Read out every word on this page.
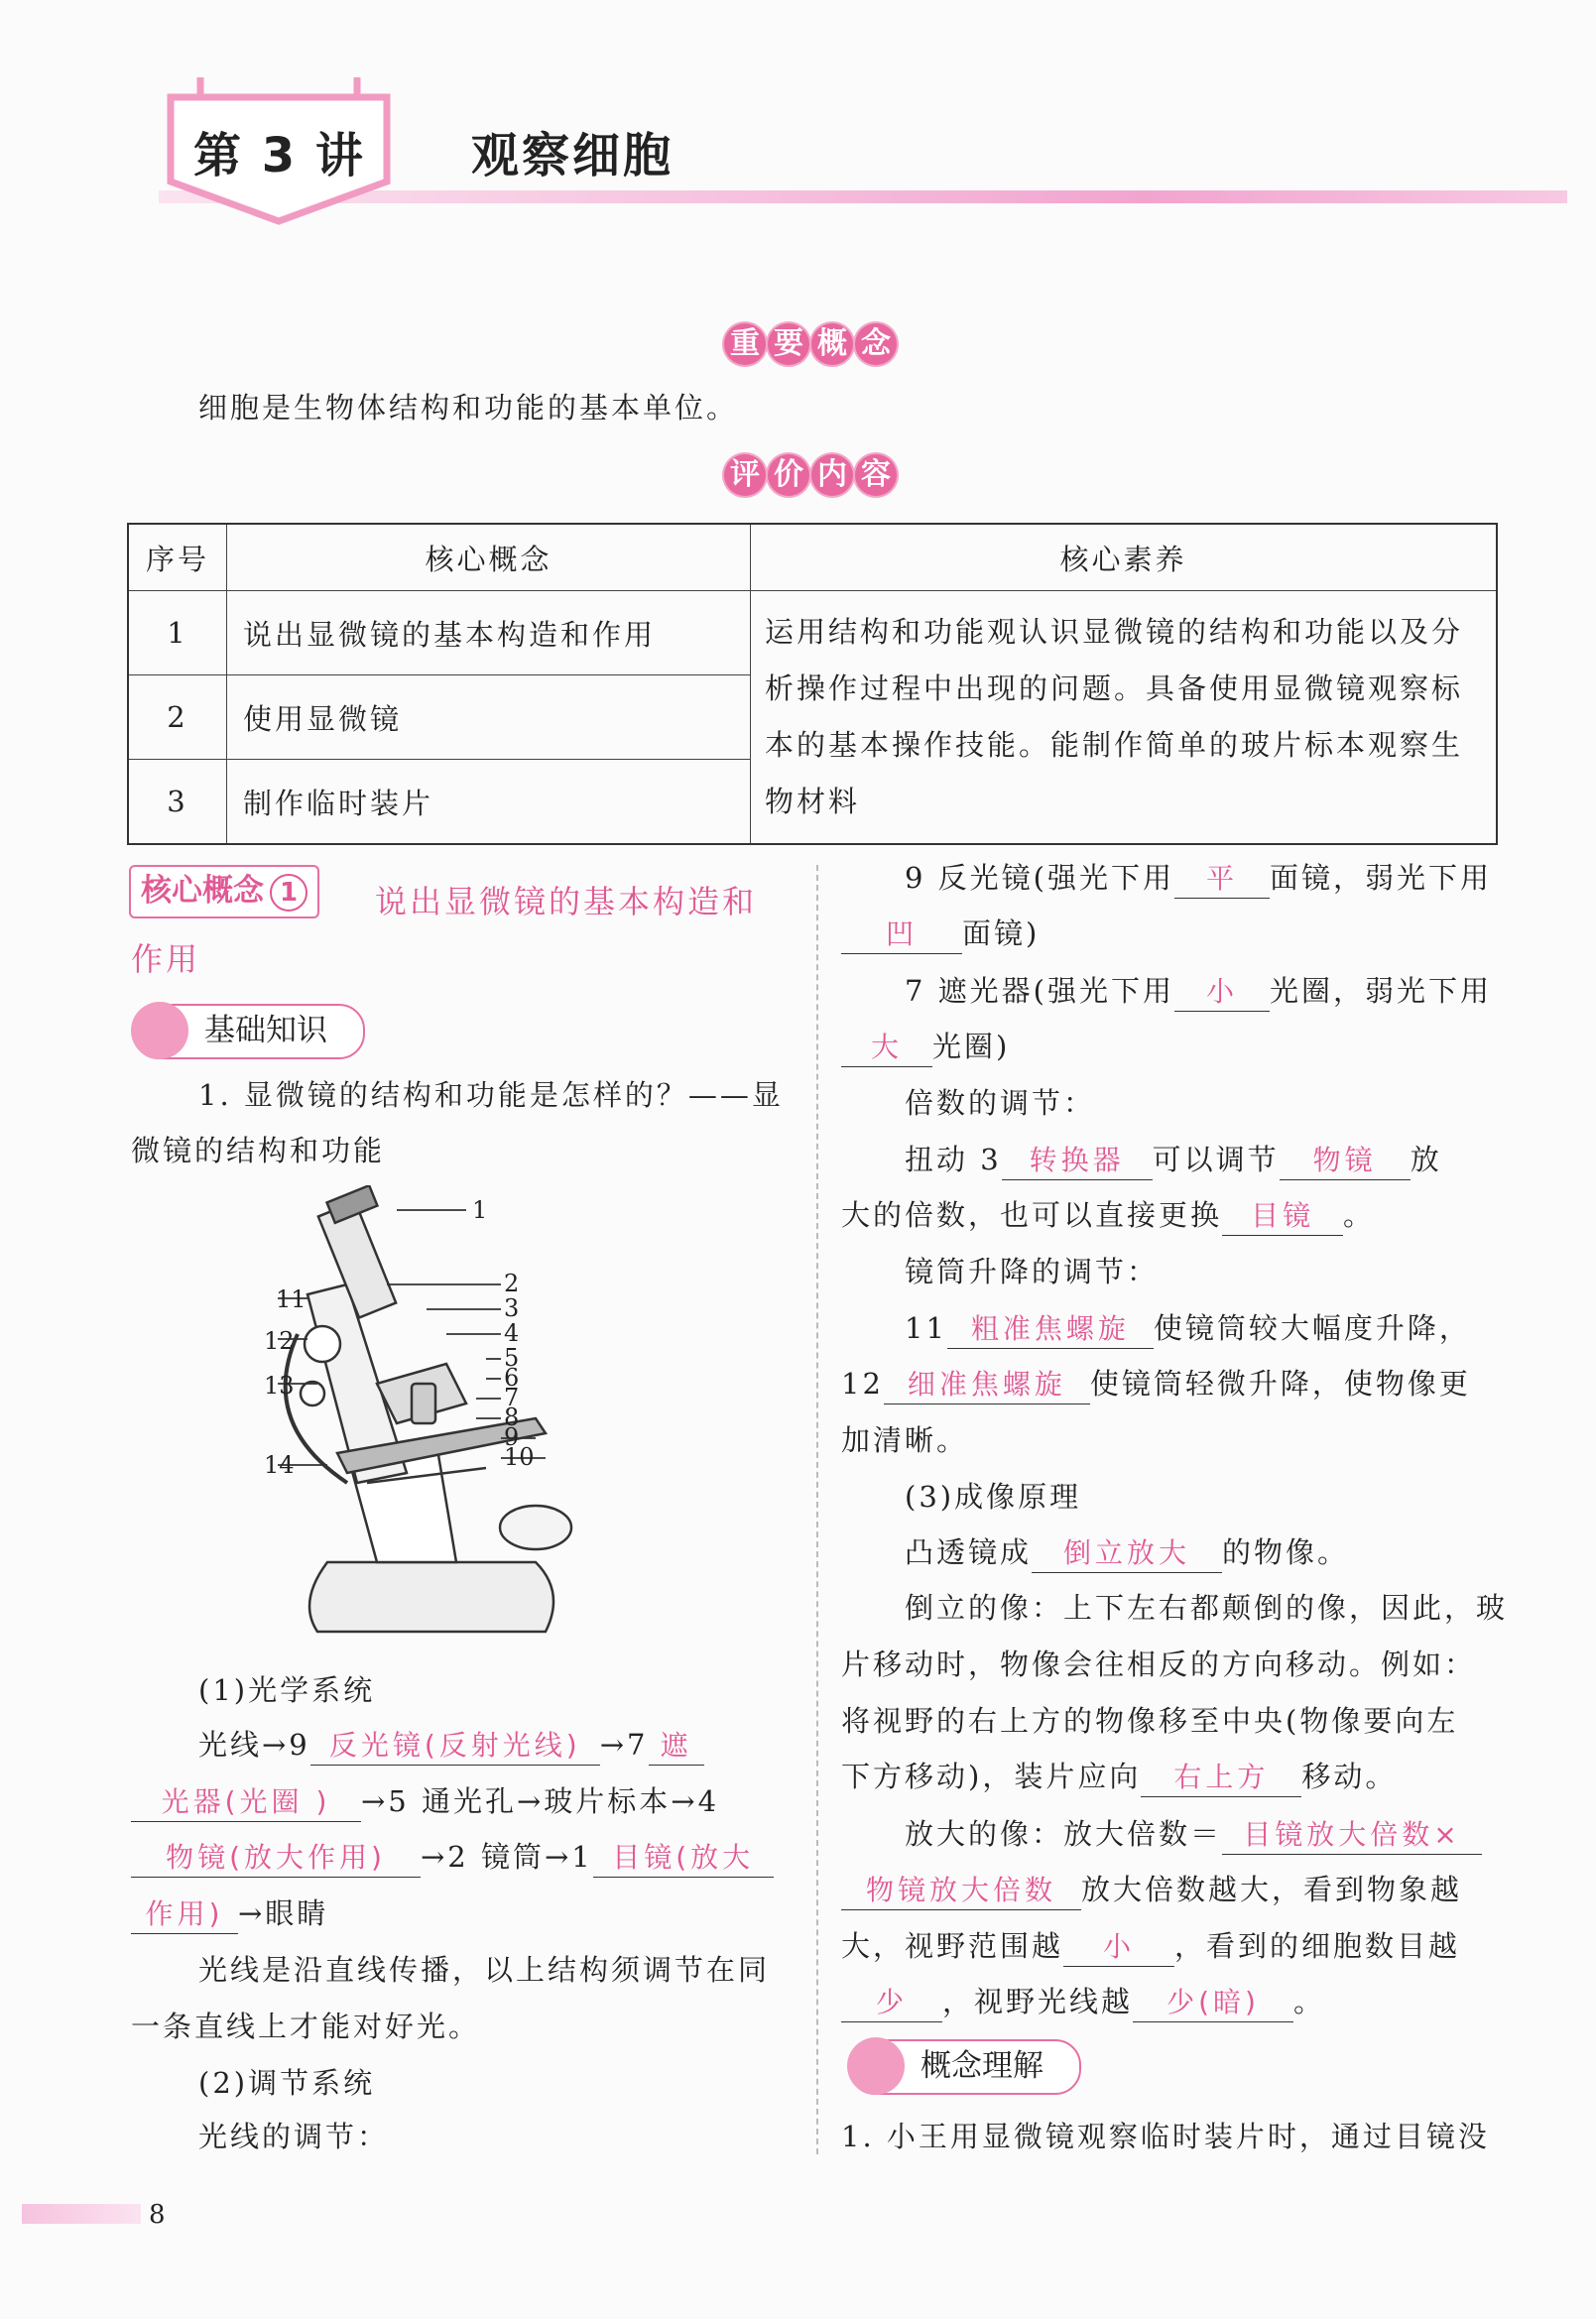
第 3 讲 观察细胞
重 要 概 念
细胞是生物体结构和功能的基本单位。
评 价 内 容
序号	核心概念	核心素养
1	说出显微镜的基本构造和作用	运用结构和功能观认识显微镜的结构和功能以及分析操作过程中出现的问题。具备使用显微镜观察标本的基本操作技能。能制作简单的玻片标本观察生物材料
2	使用显微镜	
3	制作临时装片	
核心概念 1	说出显微镜的基本构造和
作用
基础知识
1. 显微镜的结构和功能是怎样的？——显
微镜的结构和功能
1
2
3
4
5
6
7
8
9
10
11
12
13
14
(1)光学系统
光线→9 反光镜(反射光线) →7 遮
光器(光圈 ) →5 通光孔→玻片标本→4
物镜(放大作用) →2 镜筒→1 目镜(放大
作用) →眼睛
光线是沿直线传播，以上结构须调节在同
一条直线上才能对好光。
(2)调节系统
光线的调节：
9 反光镜(强光下用 平 面镜，弱光下用
凹 面镜)
7 遮光器(强光下用 小 光圈，弱光下用
大 光圈)
倍数的调节：
扭动 3 转换器 可以调节 物镜 放
大的倍数，也可以直接更换 目镜 。
镜筒升降的调节：
11 粗准焦螺旋 使镜筒较大幅度升降，
12 细准焦螺旋 使镜筒轻微升降，使物像更
加清晰。
(3)成像原理
凸透镜成 倒立放大 的物像。
倒立的像：上下左右都颠倒的像，因此，玻
片移动时，物像会往相反的方向移动。例如：
将视野的右上方的物像移至中央(物像要向左
下方移动)，装片应向 右上方 移动。
放大的像：放大倍数＝ 目镜放大倍数×
物镜放大倍数 放大倍数越大，看到物象越
大，视野范围越 小 ，看到的细胞数目越
少 ，视野光线越 少(暗) 。
概念理解
1. 小王用显微镜观察临时装片时，通过目镜没
8
